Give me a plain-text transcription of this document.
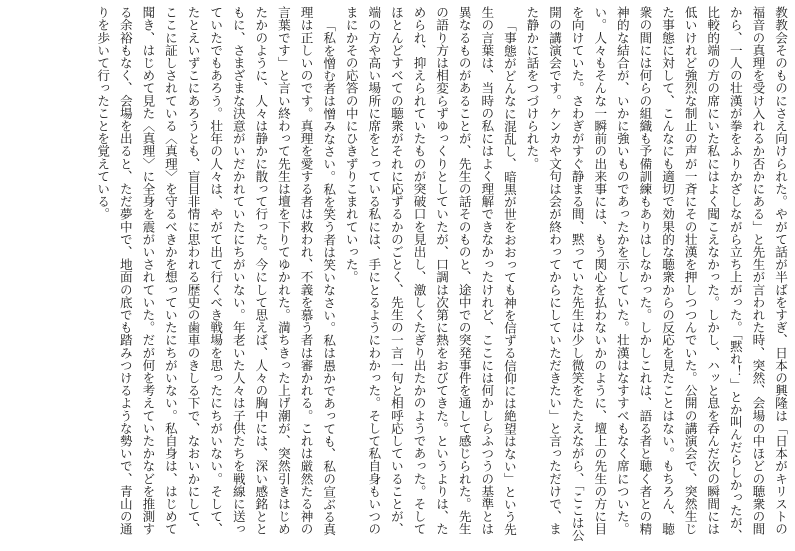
教教会そのものにさえ向けられた。やがて話が半ばをすぎ、日本の興隆は「日本がキリストの福音の真理を受け入れるか否かにある」と先生が言われた時、突然、会場の中ほどの聴衆の間から、一人の壮漢が拳をふりかざしながら立ち上がった。「黙れ！」とか叫んだらしかったが、比較的端の方の席にいた私にはよく聞こえなかった。しかし、ハッと息を呑んだ次の瞬間には低いけれど強烈な制止の声が一斉にその壮漢を押しつつんでいた。公開の講演会で、突然生じた事態に対して、こんなにも適切で効果的な聴衆からの反応を見たことはない。もちろん、聴衆の間には何らの組織も予備訓練もありはしなかった。しかしこれは、語る者と聴く者との精神的な結合が、いかに強いものであったかを示していた。壮漢はなすすべもなく席についた。い。人々もそんな一瞬前の出来事には、もう関心を払わないかのように、壇上の先生の方に目を向けていた。さわぎがすぐ静まる間、黙っていた先生は少し微笑をたたえながら、「ここは公開の講演会です。ケンカや文句は会が終わってからにしていただきたい」と言っただけで、また静かに話をつづけられた。

「事態がどんなに混乱し、暗黒が世をおおっても神を信ずる信仰には絶望はない」という先生の言葉は、当時の私にはよく理解できなかったけれど、ここには何かしらふつうの基準とは異なるものがあることが、先生の話そのものと、途中での突発事件を通して感じられた。先生の語り方は相変らずゆっくりとしていたが、口調は次第に熱をおびてきた。というよりは、ためられ、抑えられていたものが突破口を見出し、激しくたぎり出たかのようであった。そしてほとんどすべての聴衆がそれに応ずるかのごとく、先生の一言一句と相呼応していることが、端の方や高い場所に席をとっている私には、手にとるようにわかった。そして私自身もいつのまにかその応答の中にひきずりこまれていった。

「私を憎む者は憎みなさい。私を笑う者は笑いなさい。私は愚かであっても、私の宣ぶる真理は正しいのです。真理を愛する者は救われ、不義を慕う者は審かれる。これは厳然たる神の言葉です」と言い終わって先生は壇を下りてゆかれた。満ちきった上げ潮が、突然引きはじめたかのように、人々は静かに散って行った。今にして思えば、人々の胸中には、深い感銘とともに、さまざまな決意がいだかれていたにちがいない。年老いた人々は子供たちを戦線に送っていたでもあろう。壮年の人々は、やがて出て行くべき戦場を思ったにちがいない。そして、たとえいずこにあろうとも、盲目非情に思われる歴史の歯車のきしる下で、なおいかにして、ここに証しされている〈真理〉を守るべきかを想っていたにちがいない。私自身は、はじめて聞き、はじめて見た〈真理〉に全身を震がいされていた。だが何を考えていたかなどを推測する余裕もなく、会場を出ると、ただ夢中で、地面の底でも踏みつけるような勢いで、青山の通りを歩いて行ったことを覚えている。
